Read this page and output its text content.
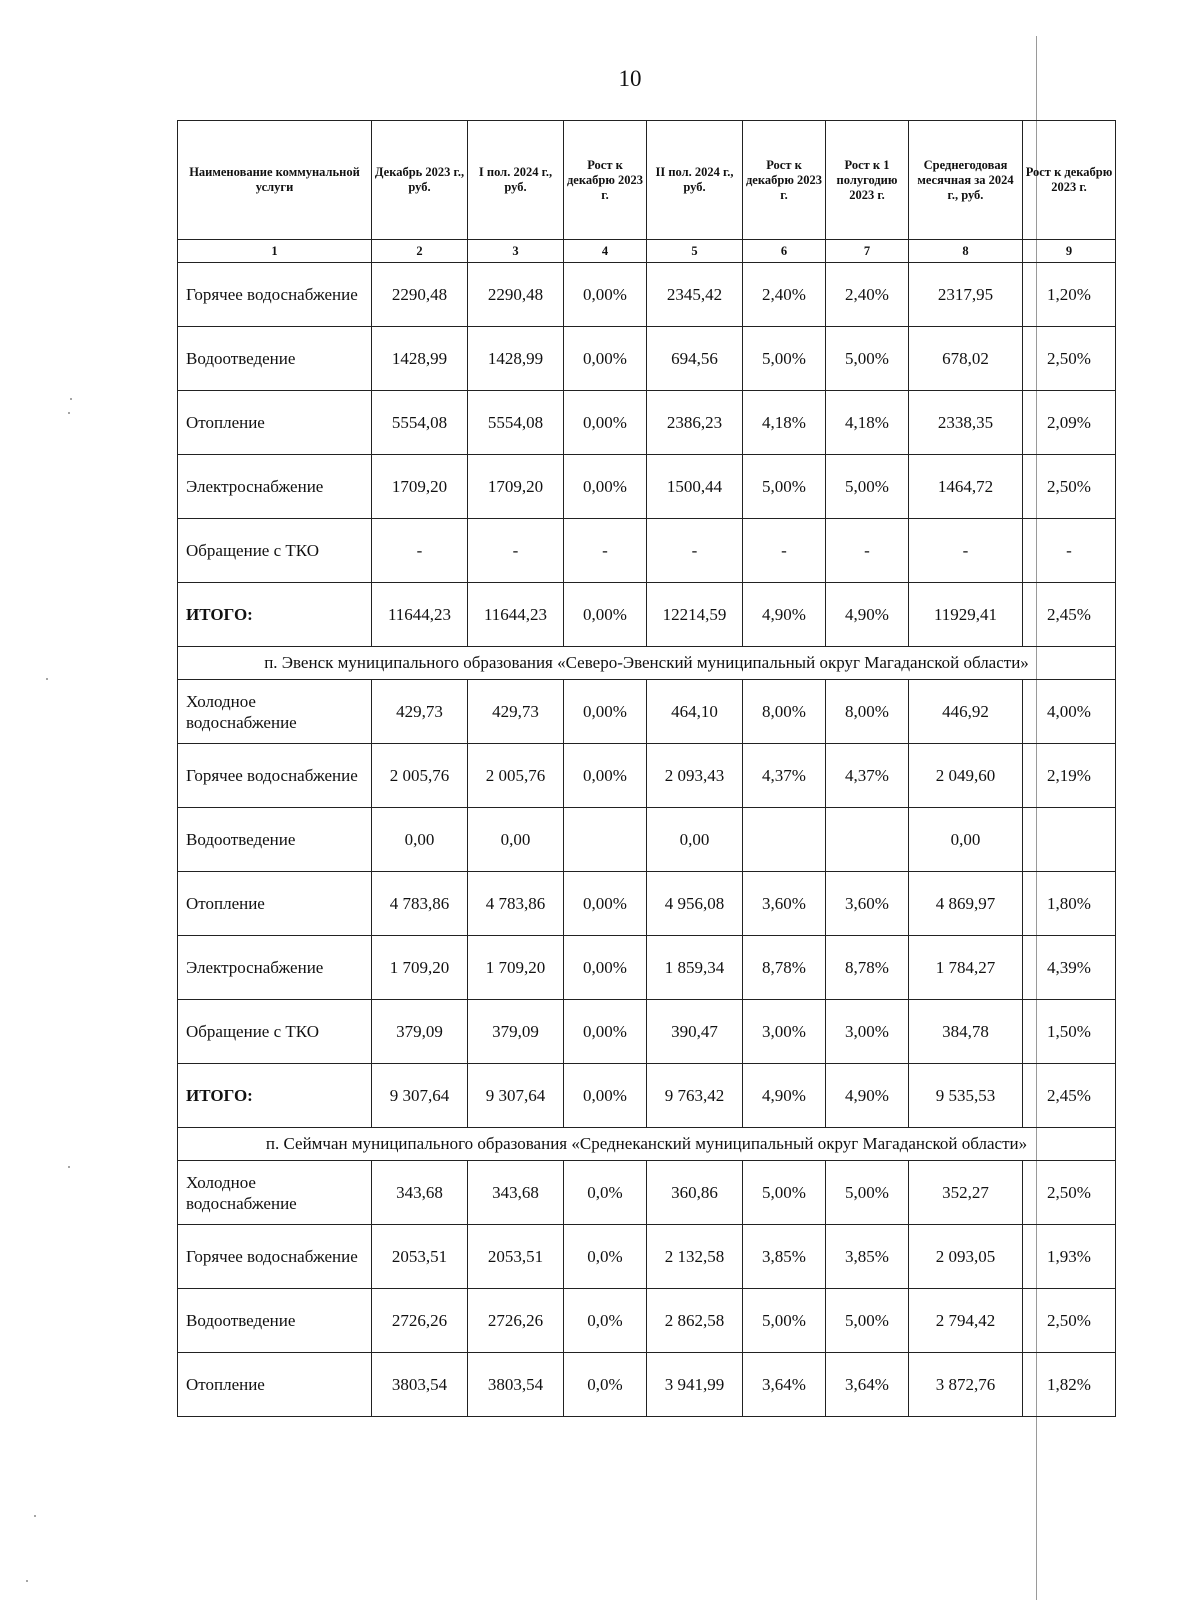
10
Наименование коммунальной услуги	Декабрь 2023 г., руб.	I пол. 2024 г., руб.	Рост к декабрю 2023 г.	II пол. 2024 г., руб.	Рост к декабрю 2023 г.	Рост к 1 полугодию 2023 г.	Среднегодовая месячная за 2024 г., руб.	Рост к декабрю 2023 г.
1	2	3	4	5	6	7	8	9
Горячее водоснабжение	2290,48	2290,48	0,00%	2345,42	2,40%	2,40%	2317,95	1,20%
Водоотведение	1428,99	1428,99	0,00%	694,56	5,00%	5,00%	678,02	2,50%
Отопление	5554,08	5554,08	0,00%	2386,23	4,18%	4,18%	2338,35	2,09%
Электроснабжение	1709,20	1709,20	0,00%	1500,44	5,00%	5,00%	1464,72	2,50%
Обращение с ТКО	-	-	-	-	-	-	-	-
ИТОГО:	11644,23	11644,23	0,00%	12214,59	4,90%	4,90%	11929,41	2,45%
п. Эвенск муниципального образования «Северо-Эвенский муниципальный округ Магаданской области»								
Холодное водоснабжение	429,73	429,73	0,00%	464,10	8,00%	8,00%	446,92	4,00%
Горячее водоснабжение	2 005,76	2 005,76	0,00%	2 093,43	4,37%	4,37%	2 049,60	2,19%
Водоотведение	0,00	0,00		0,00			0,00	
Отопление	4 783,86	4 783,86	0,00%	4 956,08	3,60%	3,60%	4 869,97	1,80%
Электроснабжение	1 709,20	1 709,20	0,00%	1 859,34	8,78%	8,78%	1 784,27	4,39%
Обращение с ТКО	379,09	379,09	0,00%	390,47	3,00%	3,00%	384,78	1,50%
ИТОГО:	9 307,64	9 307,64	0,00%	9 763,42	4,90%	4,90%	9 535,53	2,45%
п. Сеймчан муниципального образования «Среднеканский муниципальный округ Магаданской области»								
Холодное водоснабжение	343,68	343,68	0,0%	360,86	5,00%	5,00%	352,27	2,50%
Горячее водоснабжение	2053,51	2053,51	0,0%	2 132,58	3,85%	3,85%	2 093,05	1,93%
Водоотведение	2726,26	2726,26	0,0%	2 862,58	5,00%	5,00%	2 794,42	2,50%
Отопление	3803,54	3803,54	0,0%	3 941,99	3,64%	3,64%	3 872,76	1,82%
